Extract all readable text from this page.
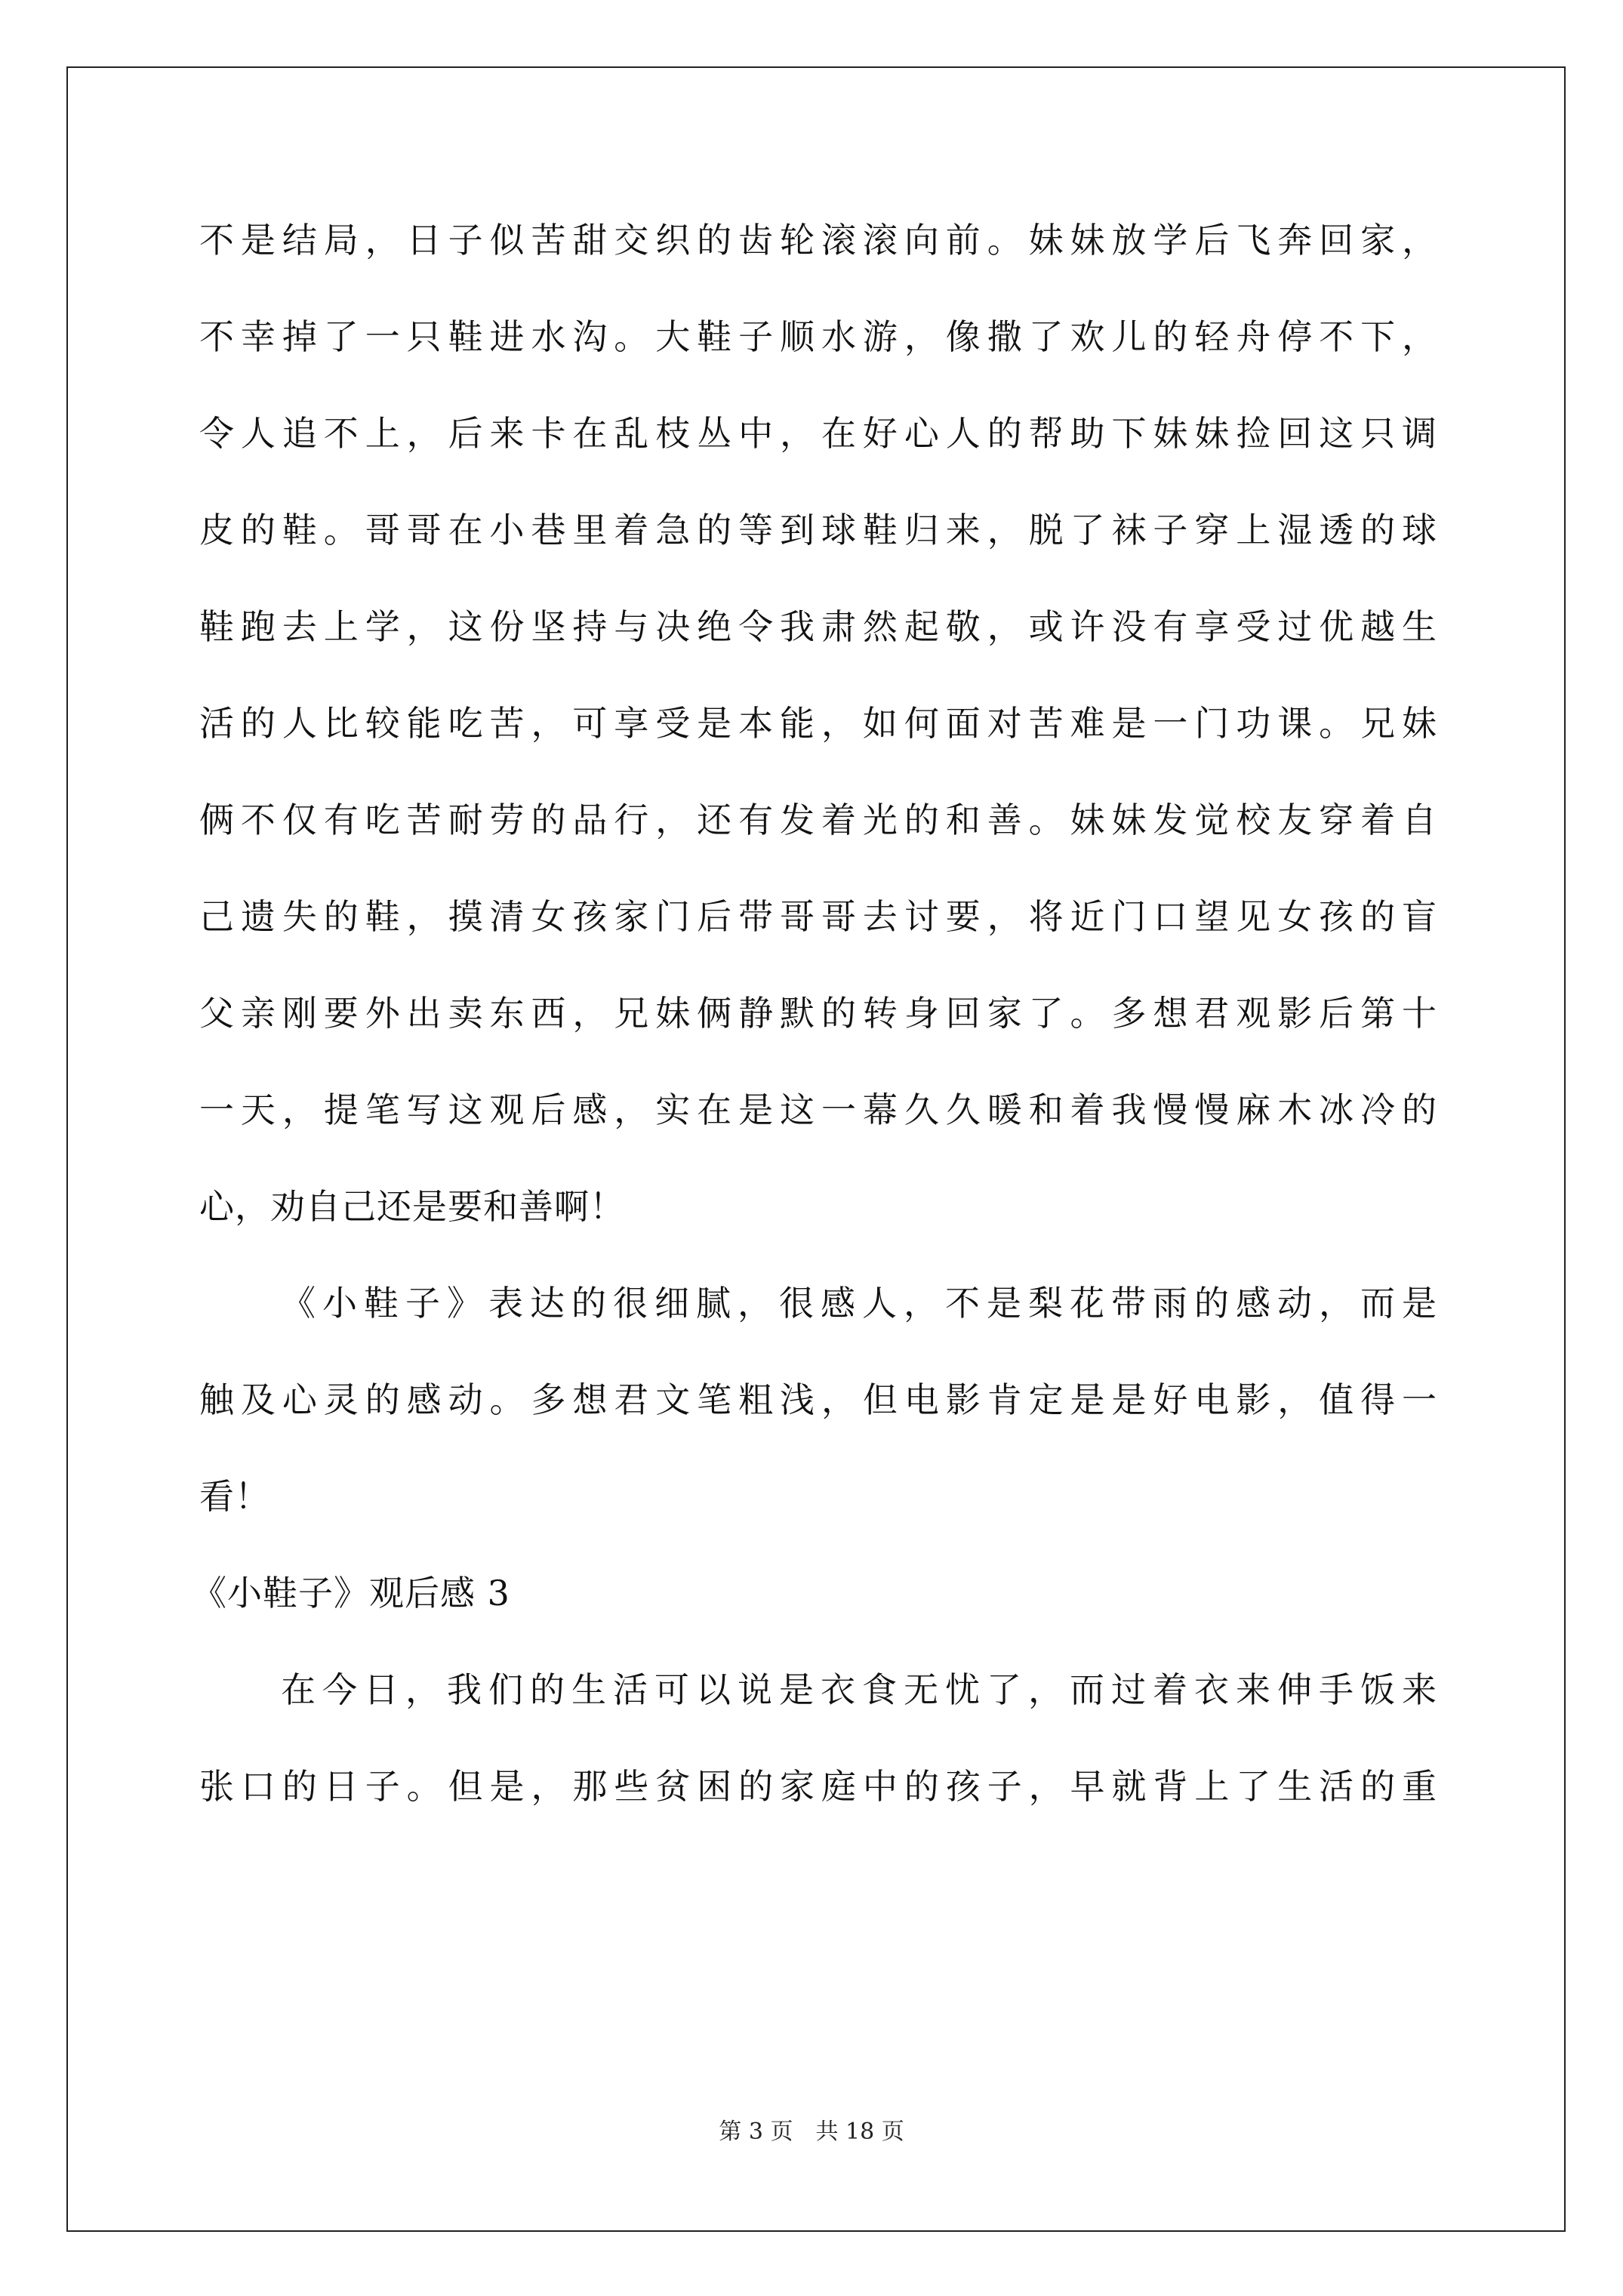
不是结局，日子似苦甜交织的齿轮滚滚向前。妹妹放学后飞奔回家，
不幸掉了一只鞋进水沟。大鞋子顺水游，像撒了欢儿的轻舟停不下，
令人追不上，后来卡在乱枝丛中，在好心人的帮助下妹妹捡回这只调
皮的鞋。哥哥在小巷里着急的等到球鞋归来，脱了袜子穿上湿透的球
鞋跑去上学，这份坚持与决绝令我肃然起敬，或许没有享受过优越生
活的人比较能吃苦，可享受是本能，如何面对苦难是一门功课。兄妹
俩不仅有吃苦耐劳的品行，还有发着光的和善。妹妹发觉校友穿着自
己遗失的鞋，摸清女孩家门后带哥哥去讨要，将近门口望见女孩的盲
父亲刚要外出卖东西，兄妹俩静默的转身回家了。多想君观影后第十
一天，提笔写这观后感，实在是这一幕久久暖和着我慢慢麻木冰冷的
心，劝自己还是要和善啊！
《小鞋子》表达的很细腻，很感人，不是梨花带雨的感动，而是
触及心灵的感动。多想君文笔粗浅，但电影肯定是是好电影，值得一
看！
《小鞋子》观后感 3
在今日，我们的生活可以说是衣食无忧了，而过着衣来伸手饭来
张口的日子。但是，那些贫困的家庭中的孩子，早就背上了生活的重
第 3 页 共 18 页
